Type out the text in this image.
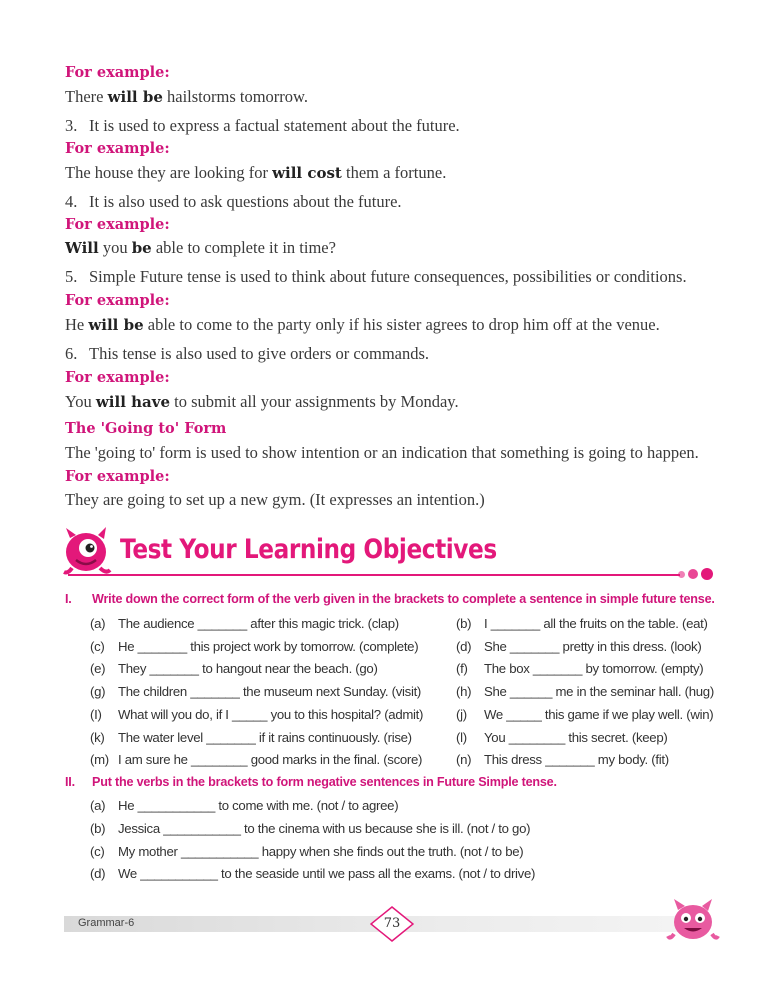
For example:
There will be hailstorms tomorrow.
3. It is used to express a factual statement about the future.
For example:
The house they are looking for will cost them a fortune.
4. It is also used to ask questions about the future.
For example:
Will you be able to complete it in time?
5. Simple Future tense is used to think about future consequences, possibilities or conditions.
For example:
He will be able to come to the party only if his sister agrees to drop him off at the venue.
6. This tense is also used to give orders or commands.
For example:
You will have to submit all your assignments by Monday.
The 'Going to' Form
The 'going to' form is used to show intention or an indication that something is going to happen.
For example:
They are going to set up a new gym. (It expresses an intention.)
Test Your Learning Objectives
I. Write down the correct form of the verb given in the brackets to complete a sentence in simple future tense.
(a) The audience _______ after this magic trick. (clap)	(b) I _______ all the fruits on the table. (eat)
(c) He _______ this project work by tomorrow. (complete)	(d) She _______ pretty in this dress. (look)
(e) They _______ to hangout near the beach. (go)	(f) The box _______ by tomorrow. (empty)
(g) The children _______ the museum next Sunday. (visit)	(h) She ______ me in the seminar hall. (hug)
(I) What will you do, if I _____ you to this hospital? (admit) (j) We _____ this game if we play well. (win)
(k) The water level _______ if it rains continuously. (rise)	(l) You ________ this secret. (keep)
(m) I am sure he ________ good marks in the final. (score)	(n) This dress _______ my body. (fit)
II. Put the verbs in the brackets to form negative sentences in Future Simple tense.
(a) He ___________ to come with me. (not / to agree)
(b) Jessica ___________ to the cinema with us because she is ill. (not / to go)
(c) My mother ___________ happy when she finds out the truth. (not / to be)
(d) We ___________ to the seaside until we pass all the exams. (not / to drive)
Grammar-6	73
